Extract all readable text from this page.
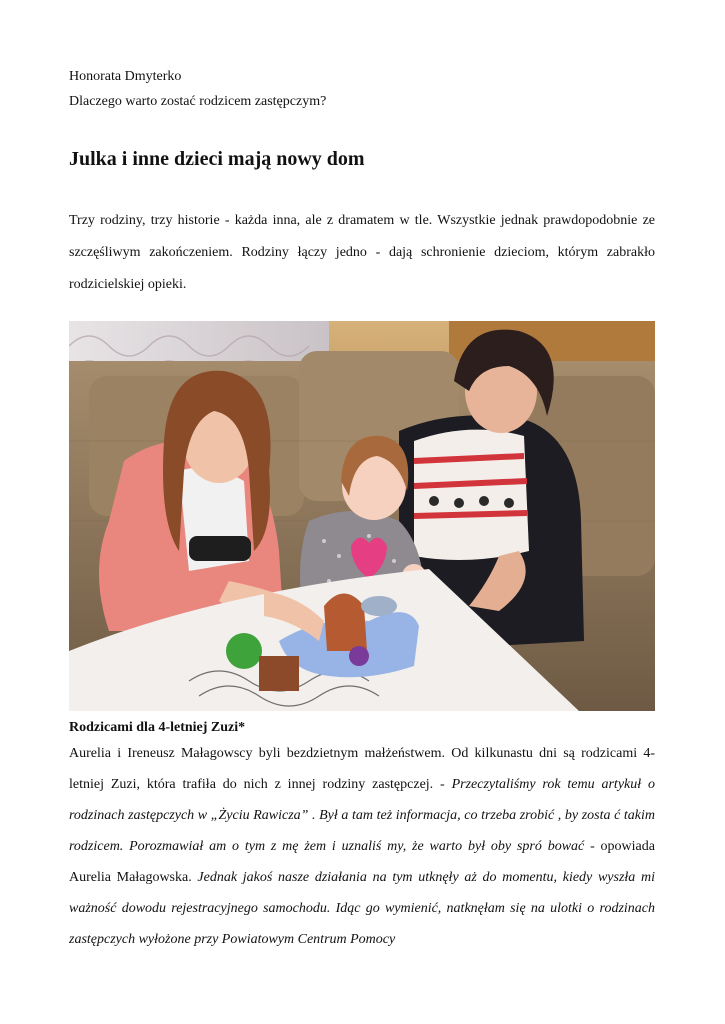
Honorata Dmyterko
Dlaczego warto zostać rodzicem zastępczym?
Julka i inne dzieci mają nowy dom

Trzy rodziny, trzy historie - każda inna, ale z dramatem w tle. Wszystkie jednak prawdopodobnie ze szczęśliwym zakończeniem. Rodziny łączy jedno - dają schronienie dzieciom, którym zabrakło rodzicielskiej opieki.

Rodzicami dla 4-letniej Zuzi*

Aurelia i Ireneusz Małagowscy byli bezdzietnym małżeństwem. Od kilkunastu dni są rodzicami 4-letniej Zuzi, która trafiła do nich z innej rodziny zastępczej. - Przeczytaliśmy rok temu artykuł o rodzinach zastępczych w „Życiu Rawicza” . Był a tam też informacja, co trzeba zrobić , by zosta ć takim rodzicem. Porozmawiał am o tym z mę żem i uznaliś my, że warto był oby spró bować - opowiada Aurelia Małagowska. Jednak jakoś nasze działania na tym utknęły aż do momentu, kiedy wyszła mi ważność dowodu rejestracyjnego samochodu. Idąc go wymienić, natknęłam się na ulotki o rodzinach zastępczych wyłożone przy Powiatowym Centrum Pomocy
